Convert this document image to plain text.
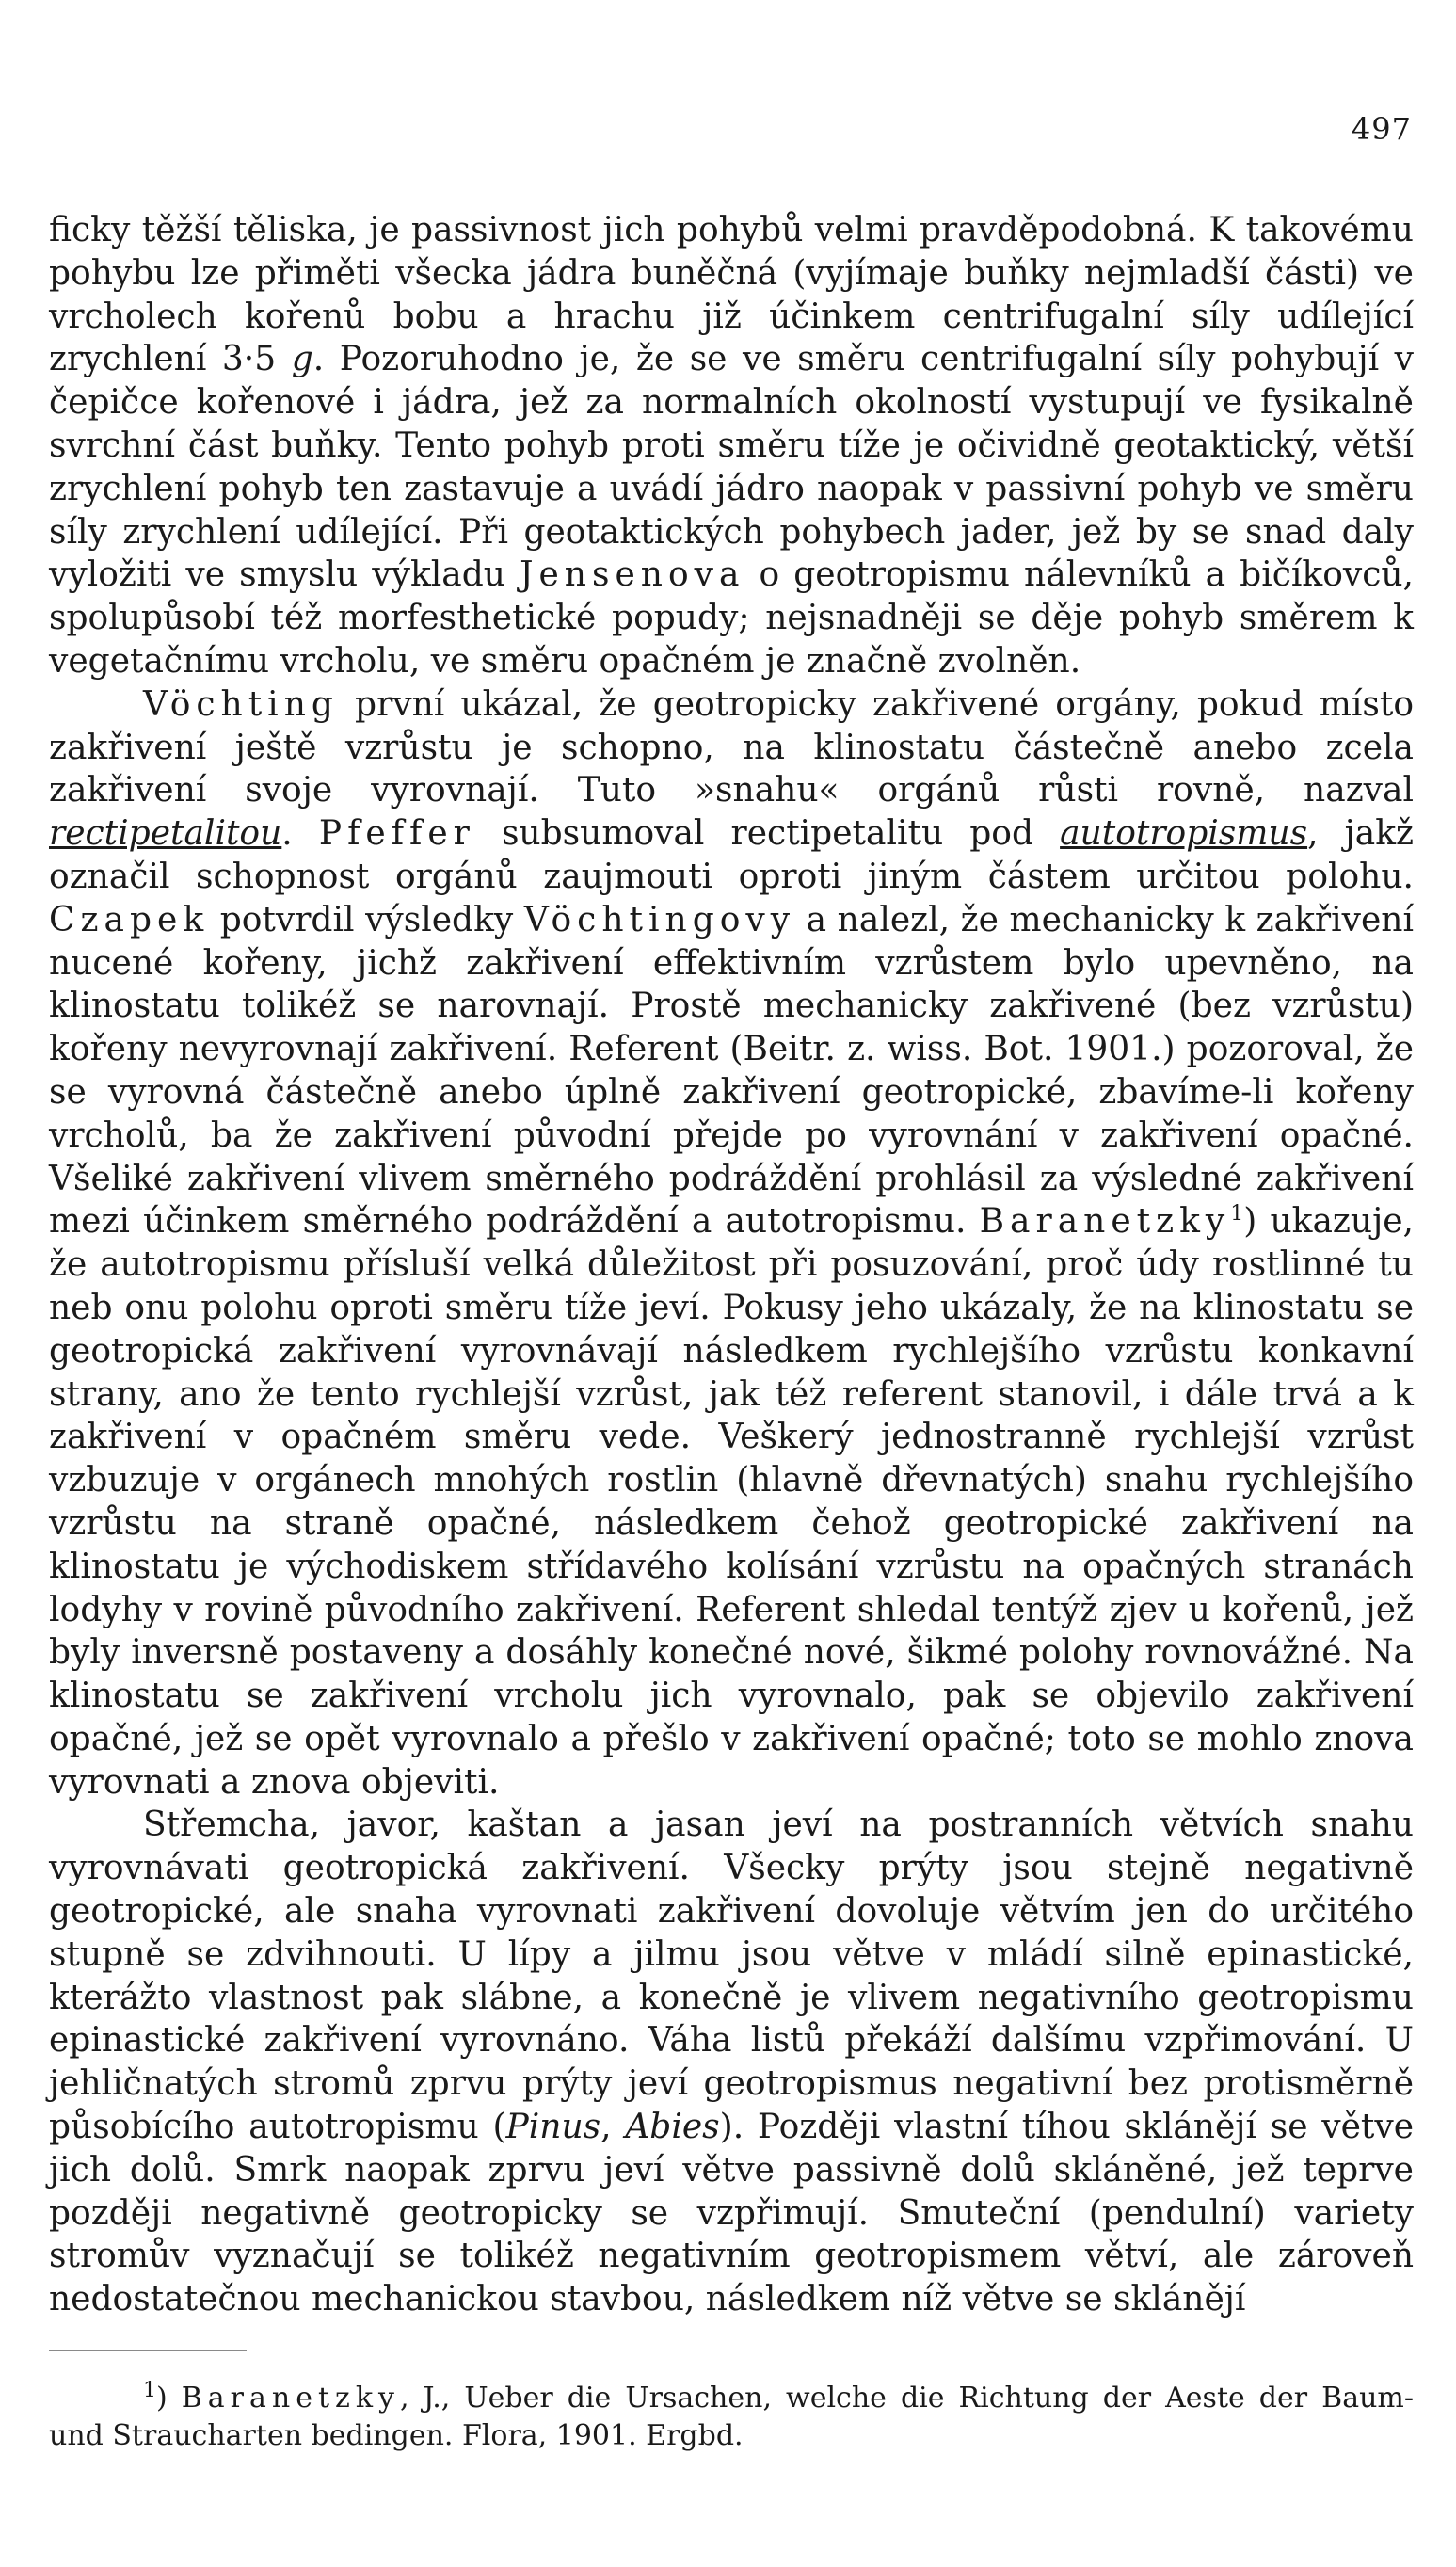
497

ficky těžší těliska, je passivnost jich pohybů velmi pravděpodobná. K takovému pohybu lze přiměti všecka jádra buněčná (vyjímaje buňky nejmladší části) ve vrcholech kořenů bobu a hrachu již účinkem centrifugalní síly udílející zrychlení 3·5 g. Pozoruhodno je, že se ve směru centrifugalní síly pohybují v čepičce kořenové i jádra, jež za normalních okolností vystupují ve fysikalně svrchní část buňky. Tento pohyb proti směru tíže je očividně geotaktický, větší zrychlení pohyb ten zastavuje a uvádí jádro naopak v passivní pohyb ve směru síly zrychlení udílející. Při geotaktických pohybech jader, jež by se snad daly vyložiti ve smyslu výkladu Jensenova o geotropismu nálevníků a bičíkovců, spolupůsobí též morfesthetické popudy; nejsnadněji se děje pohyb směrem k vegetačnímu vrcholu, ve směru opačném je značně zvolněn.

Vöchting první ukázal, že geotropicky zakřivené orgány, pokud místo zakřivení ještě vzrůstu je schopno, na klinostatu částečně anebo zcela zakřivení svoje vyrovnají. Tuto »snahu« orgánů růsti rovně, nazval rectipetalitou. Pfeffer subsumoval rectipetalitu pod autotropismus, jakž označil schopnost orgánů zaujmouti oproti jiným částem určitou polohu. Czapek potvrdil výsledky Vöchtingovy a nalezl, že mechanicky k zakřivení nucené kořeny, jichž zakřivení effektivním vzrůstem bylo upevněno, na klinostatu tolikéž se narovnají. Prostě mechanicky zakřivené (bez vzrůstu) kořeny nevyrovnají zakřivení. Referent (Beitr. z. wiss. Bot. 1901.) pozoroval, že se vyrovná částečně anebo úplně zakřivení geotropické, zbavíme-li kořeny vrcholů, ba že zakřivení původní přejde po vyrovnání v zakřivení opačné. Všeliké zakřivení vlivem směrného podráždění prohlásil za výsledné zakřivení mezi účinkem směrného podráždění a autotropismu. Baranetzky$^1$) ukazuje, že autotropismu přísluší velká důležitost při posuzování, proč údy rostlinné tu neb onu polohu oproti směru tíže jeví. Pokusy jeho ukázaly, že na klinostatu se geotropická zakřivení vyrovnávají následkem rychlejšího vzrůstu konkavní strany, ano že tento rychlejší vzrůst, jak též referent stanovil, i dále trvá a k zakřivení v opačném směru vede. Veškerý jednostranně rychlejší vzrůst vzbuzuje v orgánech mnohých rostlin (hlavně dřevnatých) snahu rychlejšího vzrůstu na straně opačné, následkem čehož geotropické zakřivení na klinostatu je východiskem střídavého kolísání vzrůstu na opačných stranách lodyhy v rovině původního zakřivení. Referent shledal tentýž zjev u kořenů, jež byly inversně postaveny a dosáhly konečné nové, šikmé polohy rovnovážné. Na klinostatu se zakřivení vrcholu jich vyrovnalo, pak se objevilo zakřivení opačné, jež se opět vyrovnalo a přešlo v zakřivení opačné; toto se mohlo znova vyrovnati a znova objeviti.

Střemcha, javor, kaštan a jasan jeví na postranních větvích snahu vyrovnávati geotropická zakřivení. Všecky prýty jsou stejně negativně geotropické, ale snaha vyrovnati zakřivení dovoluje větvím jen do určitého stupně se zdvihnouti. U lípy a jilmu jsou větve v mládí silně epinastické, kterážto vlastnost pak slábne, a konečně je vlivem negativního geotropismu epinastické zakřivení vyrovnáno. Váha listů překáží dalšímu vzpřimování. U jehličnatých stromů zprvu prýty jeví geotropismus negativní bez protisměrně působícího autotropismu (Pinus, Abies). Později vlastní tíhou sklánějí se větve jich dolů. Smrk naopak zprvu jeví větve passivně dolů skláněné, jež teprve později negativně geotropicky se vzpřimují. Smuteční (pendulní) variety stromův vyznačují se tolikéž negativním geotropismem větví, ale zároveň nedostatečnou mechanickou stavbou, následkem níž větve se sklánějí

$^1$) Baranetzky, J., Ueber die Ursachen, welche die Richtung der Aeste der Baum- und Straucharten bedingen. Flora, 1901. Ergbd.
